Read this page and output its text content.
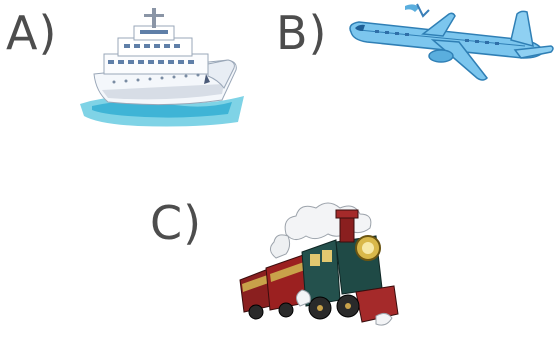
A)	B)
C)
